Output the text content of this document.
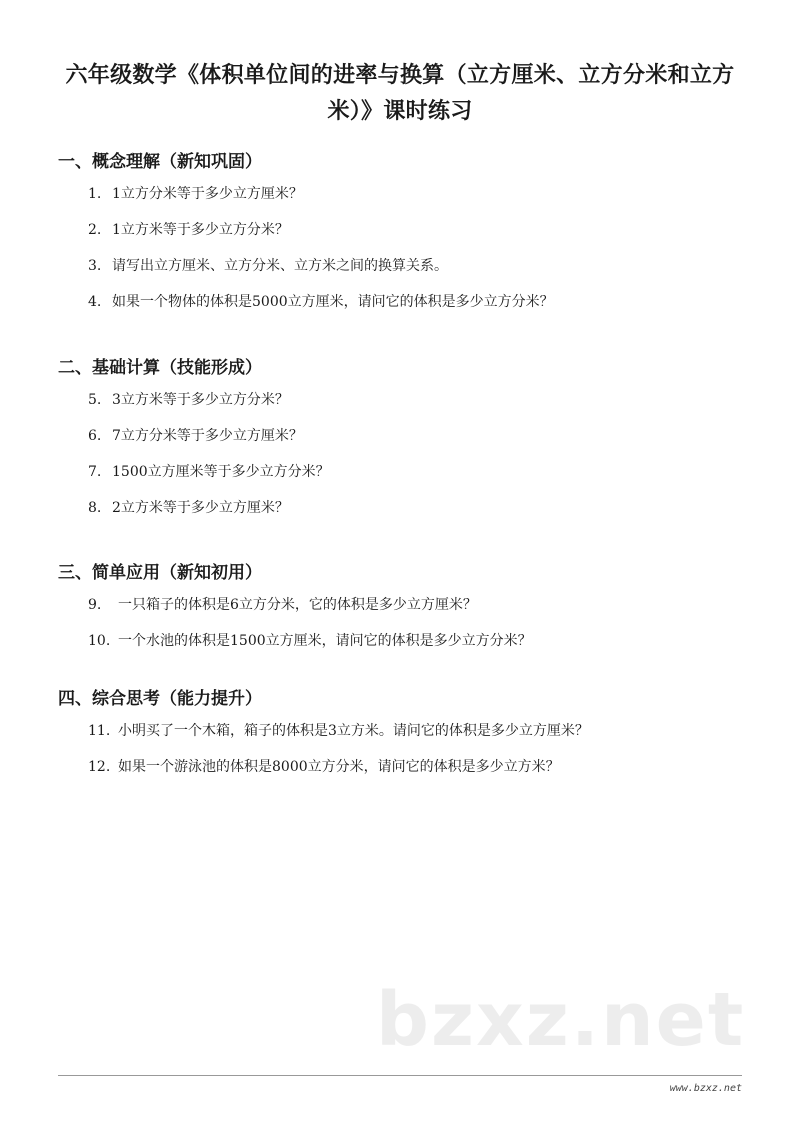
六年级数学《体积单位间的进率与换算（立方厘米、立方分米和立方
米）》课时练习
一、概念理解（新知巩固）
1. 1立方分米等于多少立方厘米？
2. 1立方米等于多少立方分米？
3. 请写出立方厘米、立方分米、立方米之间的换算关系。
4. 如果一个物体的体积是5000立方厘米，请问它的体积是多少立方分米？
二、基础计算（技能形成）
5. 3立方米等于多少立方分米？
6. 7立方分米等于多少立方厘米？
7. 1500立方厘米等于多少立方分米？
8. 2立方米等于多少立方厘米？
三、简单应用（新知初用）
9.	一只箱子的体积是6立方分米，它的体积是多少立方厘米？
10. 一个水池的体积是1500立方厘米，请问它的体积是多少立方分米？
四、综合思考（能力提升）
11. 小明买了一个木箱，箱子的体积是3立方米。请问它的体积是多少立方厘米？
12. 如果一个游泳池的体积是8000立方分米，请问它的体积是多少立方米？
bzxz.net
www.bzxz.net
